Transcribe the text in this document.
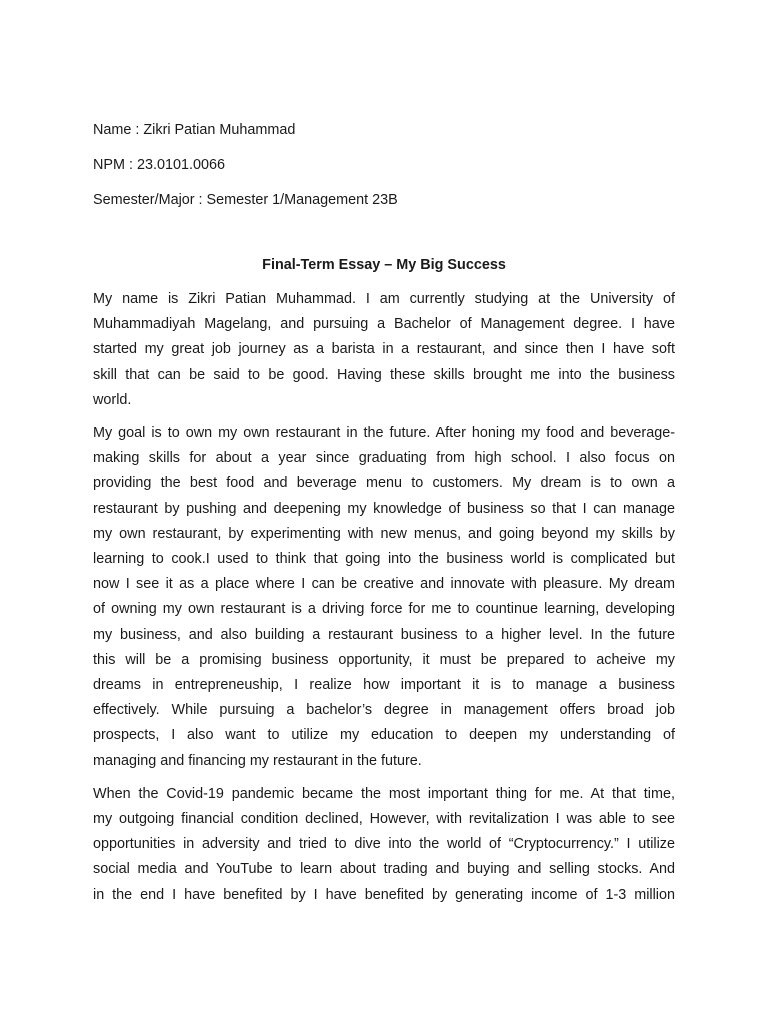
Name : Zikri Patian Muhammad

NPM : 23.0101.0066

Semester/Major : Semester 1/Management 23B

Final-Term Essay – My Big Success

My name is Zikri Patian Muhammad. I am currently studying at the University of
Muhammadiyah Magelang, and pursuing a Bachelor of Management degree. I have
started my great job journey as a barista in a restaurant, and since then I have soft
skill that can be said to be good. Having these skills brought me into the business
world.

My goal is to own my own restaurant in the future. After honing my food and beverage-
making skills for about a year since graduating from high school. I also focus on
providing the best food and beverage menu to customers. My dream is to own a
restaurant by pushing and deepening my knowledge of business so that I can manage
my own restaurant, by experimenting with new menus, and going beyond my skills by
learning to cook.I used to think that going into the business world is complicated but
now I see it as a place where I can be creative and innovate with pleasure. My dream
of owning my own restaurant is a driving force for me to countinue learning, developing
my business, and also building a restaurant business to a higher level. In the future
this will be a promising business opportunity, it must be prepared to acheive my
dreams in entrepreneuship, I realize how important it is to manage a business
effectively. While pursuing a bachelor’s degree in management offers broad job
prospects, I also want to utilize my education to deepen my understanding of
managing and financing my restaurant in the future.

When the Covid-19 pandemic became the most important thing for me. At that time,
my outgoing financial condition declined, However, with revitalization I was able to see
opportunities in adversity and tried to dive into the world of “Cryptocurrency.” I utilize
social media and YouTube to learn about trading and buying and selling stocks. And
in the end I have benefited by I have benefited by generating income of 1-3 million
